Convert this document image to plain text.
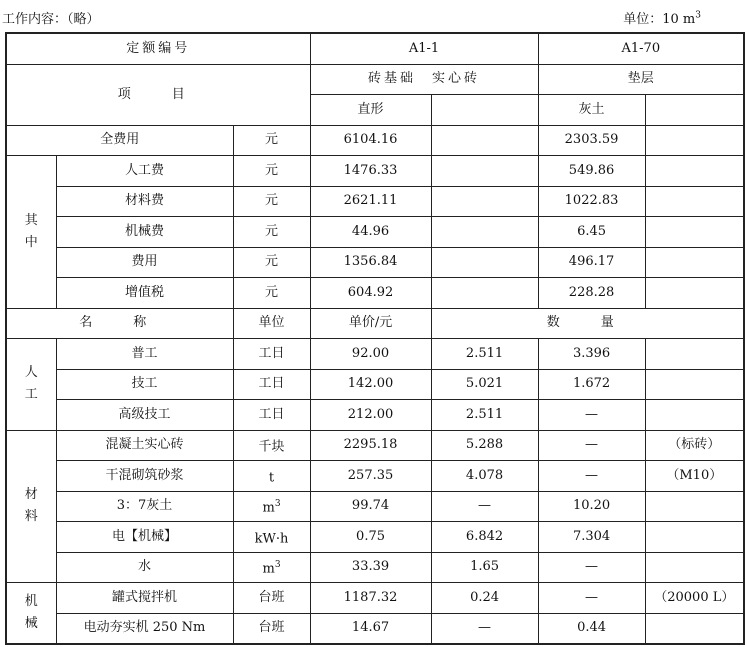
工作内容：（略）	单位：10 $m^3$
定额编号			A1-1		A1-70	
项　目			砖基础　实心砖		垫层	
			直形		灰土	
全费用		元	6104.16		2303.59	

其
中	人工费	元	1476.33		549.86	
	材料费	元	2621.11		1022.83	
	机械费	元	44.96		6.45	
	费用	元	1356.84		496.17	
	增值税	元	604.92		228.28	
名　称		单位	单价/元	数　量		

人
工	普工	工日	92.00	2.511	3.396	
	技工	工日	142.00	5.021	1.672	
	高级技工	工日	212.00	2.511	—	

材
料	混凝土实心砖	千块	2295.18	5.288	—	（标砖）
	干混砌筑砂浆	t	257.35	4.078	—	（M10）
	3：7灰土	$m^3$	99.74	—	10.20	
	电【机械】	kW·h	0.75	6.842	7.304	
	水	$m^3$	33.39	1.65	—	

机
械	罐式搅拌机	台班	1187.32	0.24	—	（20000 L）
	电动夯实机 250 Nm	台班	14.67	—	0.44	
